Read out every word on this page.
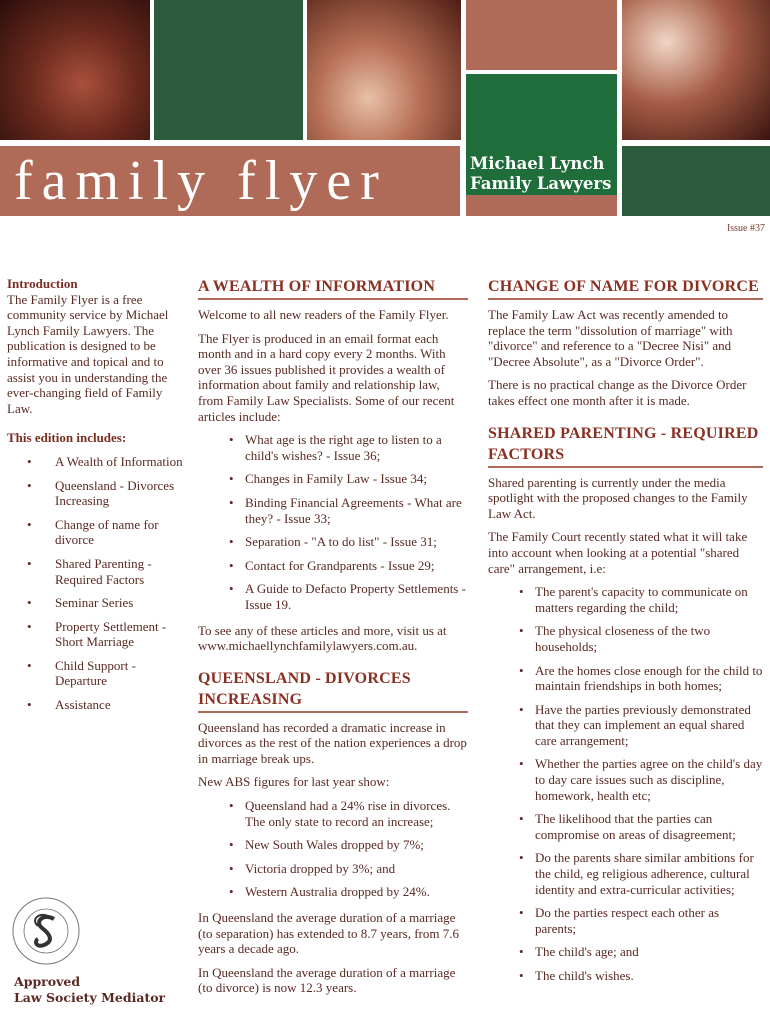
family flyer	Michael Lynch
Family Lawyers
Issue #37
Introduction
The Family Flyer is a free community service by Michael Lynch Family Lawyers. The publication is designed to be informative and topical and to assist you in understanding the ever-changing field of Family Law.
This edition includes:
• A Wealth of Information
• Queensland - Divorces Increasing
• Change of name for divorce
• Shared Parenting - Required Factors
• Seminar Series
• Property Settlement - Short Marriage
• Child Support - Departure
• Assistance
Approved
Law Society Mediator
A WEALTH OF INFORMATION

Welcome to all new readers of the Family Flyer.

The Flyer is produced in an email format each month and in a hard copy every 2 months. With over 36 issues published it provides a wealth of information about family and relationship law, from Family Law Specialists. Some of our recent articles include:

• What age is the right age to listen to a child's wishes? - Issue 36;
• Changes in Family Law - Issue 34;
• Binding Financial Agreements - What are they? - Issue 33;
• Separation - "A to do list" - Issue 31;
• Contact for Grandparents - Issue 29;
• A Guide to Defacto Property Settlements - Issue 19.

To see any of these articles and more, visit us at www.michaellynchfamilylawyers.com.au.

QUEENSLAND - DIVORCES INCREASING

Queensland has recorded a dramatic increase in divorces as the rest of the nation experiences a drop in marriage break ups.

New ABS figures for last year show:

• Queensland had a 24% rise in divorces. The only state to record an increase;
• New South Wales dropped by 7%;
• Victoria dropped by 3%; and
• Western Australia dropped by 24%.

In Queensland the average duration of a marriage (to separation) has extended to 8.7 years, from 7.6 years a decade ago.

In Queensland the average duration of a marriage (to divorce) is now 12.3 years.

CHANGE OF NAME FOR DIVORCE

The Family Law Act was recently amended to replace the term "dissolution of marriage" with "divorce" and reference to a "Decree Nisi" and "Decree Absolute", as a "Divorce Order".

There is no practical change as the Divorce Order takes effect one month after it is made.

SHARED PARENTING - REQUIRED FACTORS

Shared parenting is currently under the media spotlight with the proposed changes to the Family Law Act.

The Family Court recently stated what it will take into account when looking at a potential "shared care" arrangement, i.e:

• The parent's capacity to communicate on matters regarding the child;
• The physical closeness of the two households;
• Are the homes close enough for the child to maintain friendships in both homes;
• Have the parties previously demonstrated that they can implement an equal shared care arrangement;
• Whether the parties agree on the child's day to day care issues such as discipline, homework, health etc;
• The likelihood that the parties can compromise on areas of disagreement;
• Do the parents share similar ambitions for the child, eg religious adherence, cultural identity and extra-curricular activities;
• Do the parties respect each other as parents;
• The child's age; and
• The child's wishes.
